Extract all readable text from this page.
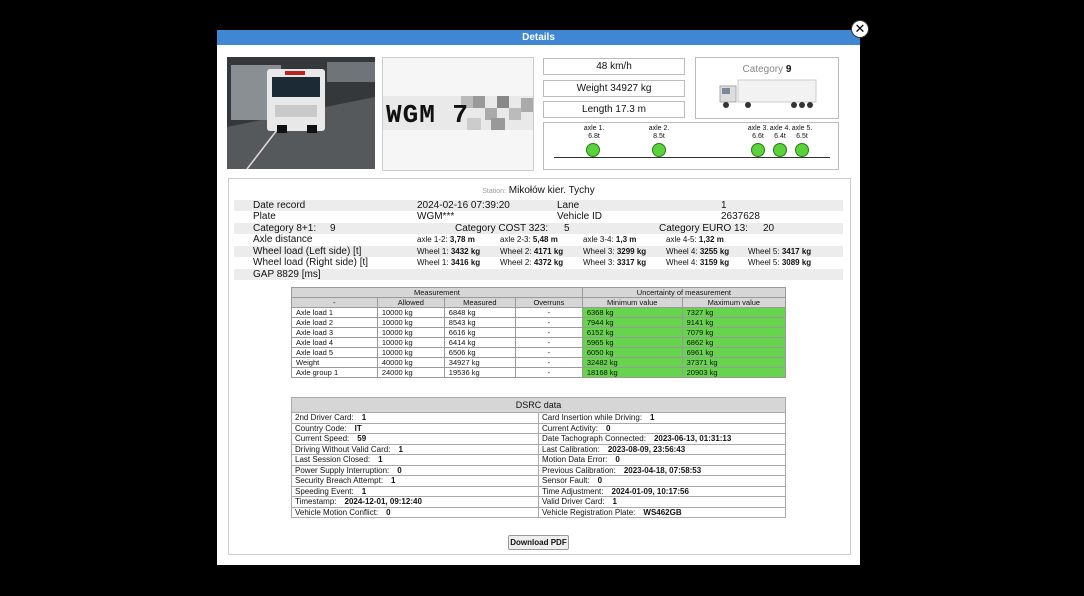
Details
✕
WGM 7
48 km/h
Weight 34927 kg
Length 17.3 m
Category 9
axle 1.
6.8t
axle 2.
8.5t
axle 3.
6.6t
axle 4.
6.4t
axle 5.
6.5t
Station: Mikołów kier. Tychy
Date record	2024-02-16 07:39:20	Lane	1
Plate	WGM***	Vehicle ID	2637628
Category 8+1: 9	Category COST 323: 5	Category EURO 13: 20
Axle distance	axle 1-2: 3,78 m	axle 2-3: 5,48 m	axle 3-4: 1,3 m	axle 4-5: 1,32 m
Wheel load (Left side) [t]	Wheel 1: 3432 kg Wheel 2: 4171 kg Wheel 3: 3299 kg Wheel 4: 3255 kg Wheel 5: 3417 kg
Wheel load (Right side) [t]	Wheel 1: 3416 kg Wheel 2: 4372 kg Wheel 3: 3317 kg Wheel 4: 3159 kg Wheel 5: 3089 kg
GAP 8829 [ms]
Measurement				Uncertainty of measurement	
-	Allowed	Measured	Overruns	Minimum value	Maximum value
Axle load 1	10000 kg	6848 kg	-	6368 kg	7327 kg
Axle load 2	10000 kg	8543 kg	-	7944 kg	9141 kg
Axle load 3	10000 kg	6616 kg	-	6152 kg	7079 kg
Axle load 4	10000 kg	6414 kg	-	5965 kg	6862 kg
Axle load 5	10000 kg	6506 kg	-	6050 kg	6961 kg
Weight	40000 kg	34927 kg	-	32482 kg	37371 kg
Axle group 1	24000 kg	19536 kg	-	18168 kg	20903 kg
DSRC data	
2nd Driver Card: 1	Card Insertion while Driving: 1
Country Code: IT	Current Activity: 0
Current Speed: 59	Date Tachograph Connected: 2023-06-13, 01:31:13
Driving Without Valid Card: 1	Last Calibration: 2023-08-09, 23:56:43
Last Session Closed: 1	Motion Data Error: 0
Power Supply Interruption: 0	Previous Calibration: 2023-04-18, 07:58:53
Security Breach Attempt: 1	Sensor Fault: 0
Speeding Event: 1	Time Adjustment: 2024-01-09, 10:17:56
Timestamp: 2024-12-01, 09:12:40	Valid Driver Card: 1
Vehicle Motion Conflict: 0	Vehicle Registration Plate: WS462GB
Download PDF
